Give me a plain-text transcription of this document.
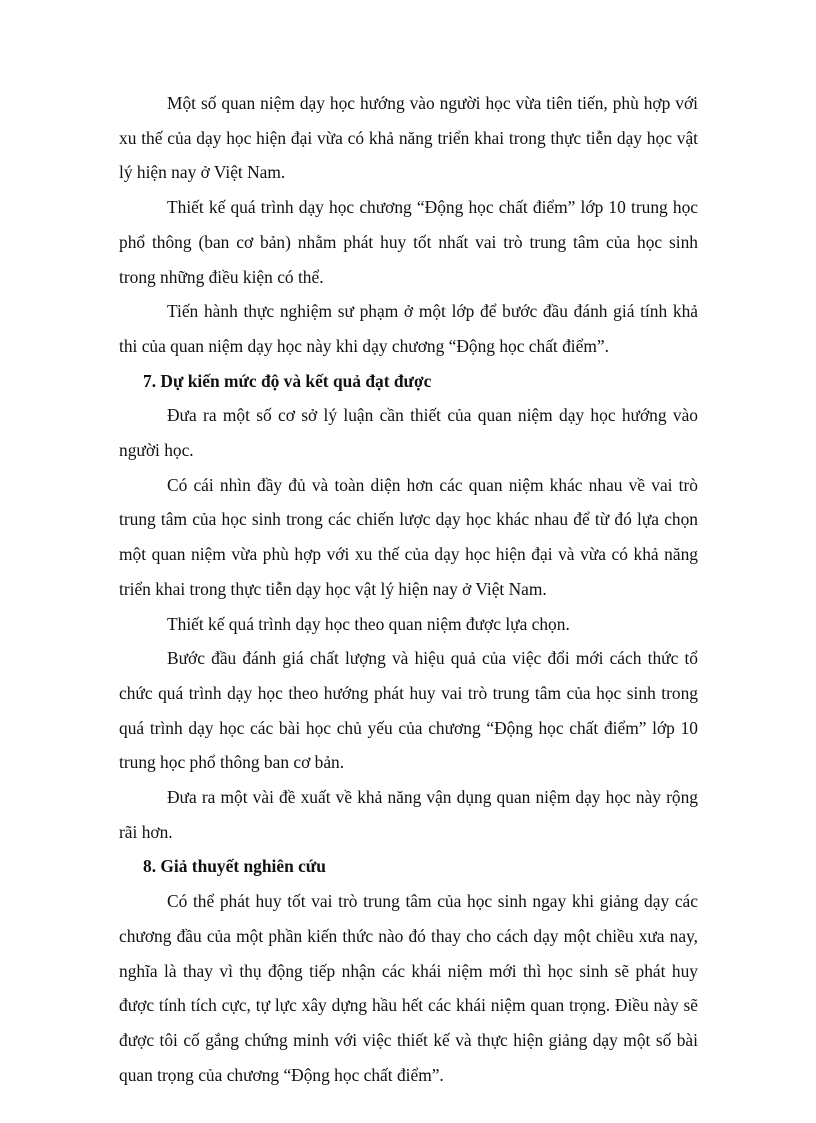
Một số quan niệm dạy học hướng vào người học vừa tiên tiến, phù hợp với xu thế của dạy học hiện đại vừa có khả năng triển khai trong thực tiễn dạy học vật lý hiện nay ở Việt Nam.

Thiết kế quá trình dạy học chương “Động học chất điểm” lớp 10 trung học phổ thông (ban cơ bản) nhằm phát huy tốt nhất vai trò trung tâm của học sinh trong những điều kiện có thể.

Tiến hành thực nghiệm sư phạm ở một lớp để bước đầu đánh giá tính khả thi của quan niệm dạy học này khi dạy chương “Động học chất điểm”.

7. Dự kiến mức độ và kết quả đạt được

Đưa ra một số cơ sở lý luận cần thiết của quan niệm dạy học hướng vào người học.

Có cái nhìn đầy đủ và toàn diện hơn các quan niệm khác nhau về vai trò trung tâm của học sinh trong các chiến lược dạy học khác nhau để từ đó lựa chọn một quan niệm vừa phù hợp với xu thế của dạy học hiện đại và vừa có khả năng triển khai trong thực tiễn dạy học vật lý hiện nay ở Việt Nam.

Thiết kế quá trình dạy học theo quan niệm được lựa chọn.

Bước đầu đánh giá chất lượng và hiệu quả của việc đổi mới cách thức tổ chức quá trình dạy học theo hướng phát huy vai trò trung tâm của học sinh trong quá trình dạy học các bài học chủ yếu của chương “Động học chất điểm” lớp 10 trung học phổ thông ban cơ bản.

Đưa ra một vài đề xuất về khả năng vận dụng quan niệm dạy học này rộng rãi hơn.

8. Giả thuyết nghiên cứu

Có thể phát huy tốt vai trò trung tâm của học sinh ngay khi giảng dạy các chương đầu của một phần kiến thức nào đó thay cho cách dạy một chiều xưa nay, nghĩa là thay vì thụ động tiếp nhận các khái niệm mới thì học sinh sẽ phát huy được tính tích cực, tự lực xây dựng hầu hết các khái niệm quan trọng. Điều này sẽ được tôi cố gắng chứng minh với việc thiết kế và thực hiện giảng dạy một số bài quan trọng của chương “Động học chất điểm”.
